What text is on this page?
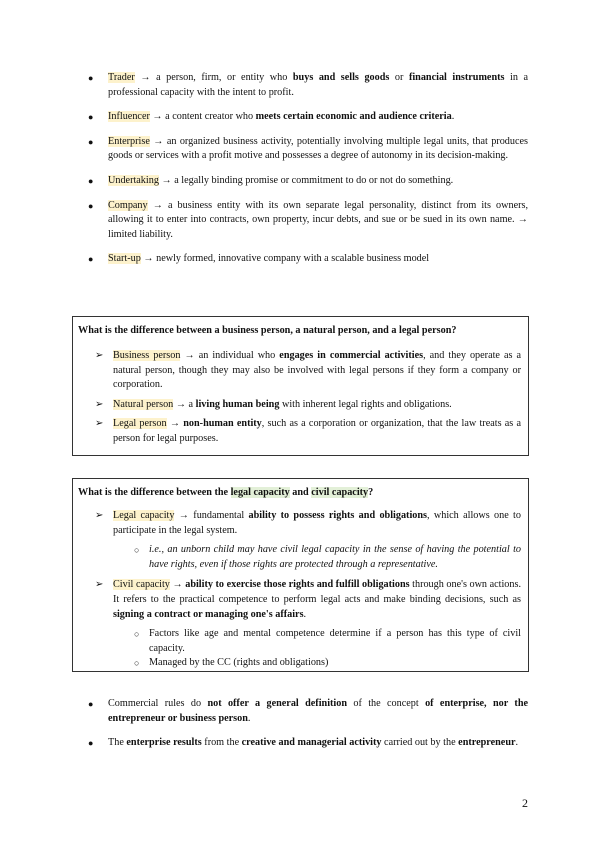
● Trader → a person, firm, or entity who buys and sells goods or financial instruments in a professional capacity with the intent to profit.
● Influencer → a content creator who meets certain economic and audience criteria.
● Enterprise → an organized business activity, potentially involving multiple legal units, that produces goods or services with a profit motive and possesses a degree of autonomy in its decision-making.
● Undertaking → a legally binding promise or commitment to do or not do something.
● Company → a business entity with its own separate legal personality, distinct from its owners, allowing it to enter into contracts, own property, incur debts, and sue or be sued in its own name. → limited liability.
● Start-up → newly formed, innovative company with a scalable business model
What is the difference between a business person, a natural person, and a legal person?
➢ Business person → an individual who engages in commercial activities, and they operate as a natural person, though they may also be involved with legal persons if they form a company or corporation.
➢ Natural person → a living human being with inherent legal rights and obligations.
➢ Legal person → non-human entity, such as a corporation or organization, that the law treats as a person for legal purposes.
What is the difference between the legal capacity and civil capacity?
➢ Legal capacity → fundamental ability to possess rights and obligations, which allows one to participate in the legal system.
○ i.e., an unborn child may have civil legal capacity in the sense of having the potential to have rights, even if those rights are protected through a representative.
➢ Civil capacity → ability to exercise those rights and fulfill obligations through one's own actions. It refers to the practical competence to perform legal acts and make binding decisions, such as signing a contract or managing one's affairs.
○ Factors like age and mental competence determine if a person has this type of civil capacity.
○ Managed by the CC (rights and obligations)
● Commercial rules do not offer a general definition of the concept of enterprise, nor the entrepreneur or business person.
● The enterprise results from the creative and managerial activity carried out by the entrepreneur.
2
